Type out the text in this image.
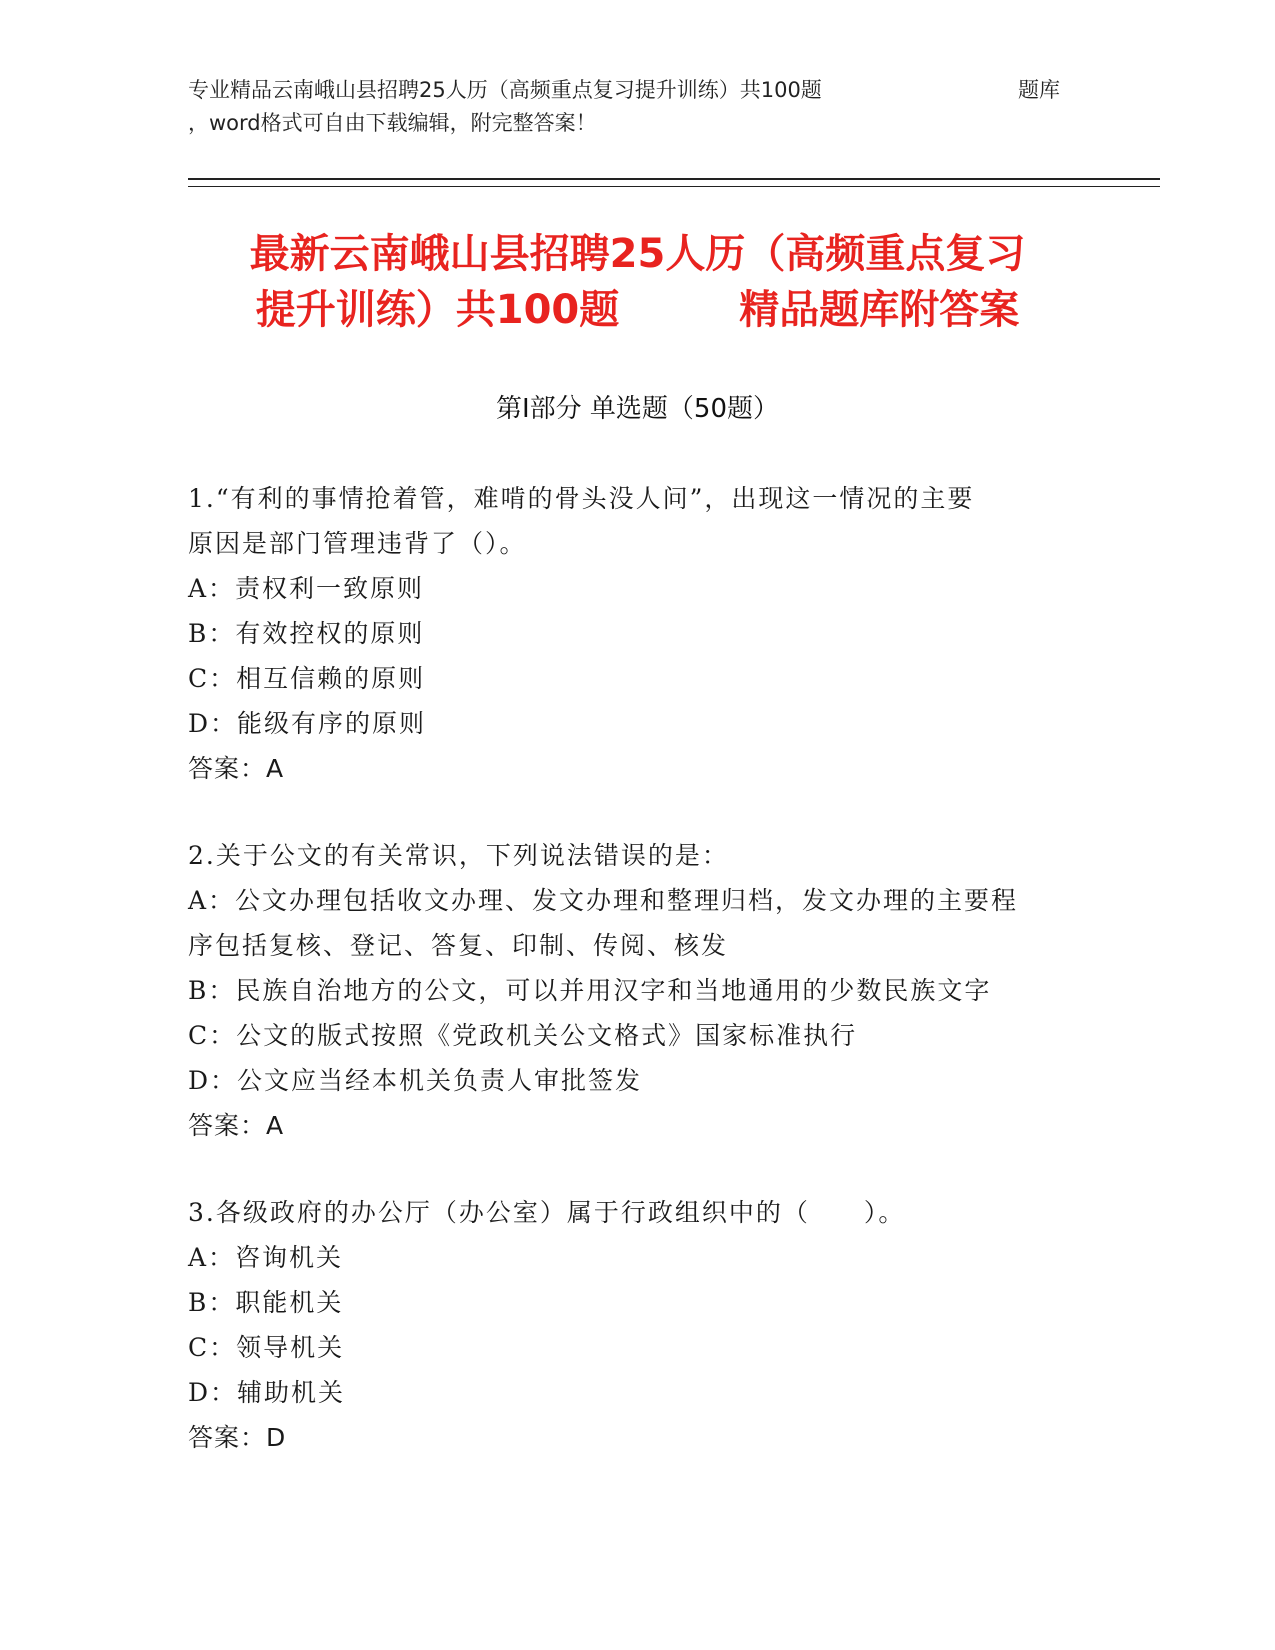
专业精品云南峨山县招聘25人历（高频重点复习提升训练）共100题	题库
，word格式可自由下载编辑，附完整答案！
最新云南峨山县招聘25人历（高频重点复习
提升训练）共100题　　　精品题库附答案
第I部分 单选题（50题）
1.“有利的事情抢着管，难啃的骨头没人问”，出现这一情况的主要
原因是部门管理违背了（）。
A：责权利一致原则
B：有效控权的原则
C：相互信赖的原则
D：能级有序的原则
答案：A
2.关于公文的有关常识，下列说法错误的是：
A：公文办理包括收文办理、发文办理和整理归档，发文办理的主要程
序包括复核、登记、答复、印制、传阅、核发
B：民族自治地方的公文，可以并用汉字和当地通用的少数民族文字
C：公文的版式按照《党政机关公文格式》国家标准执行
D：公文应当经本机关负责人审批签发
答案：A
3.各级政府的办公厅（办公室）属于行政组织中的（　　）。
A：咨询机关
B：职能机关
C：领导机关
D：辅助机关
答案：D
